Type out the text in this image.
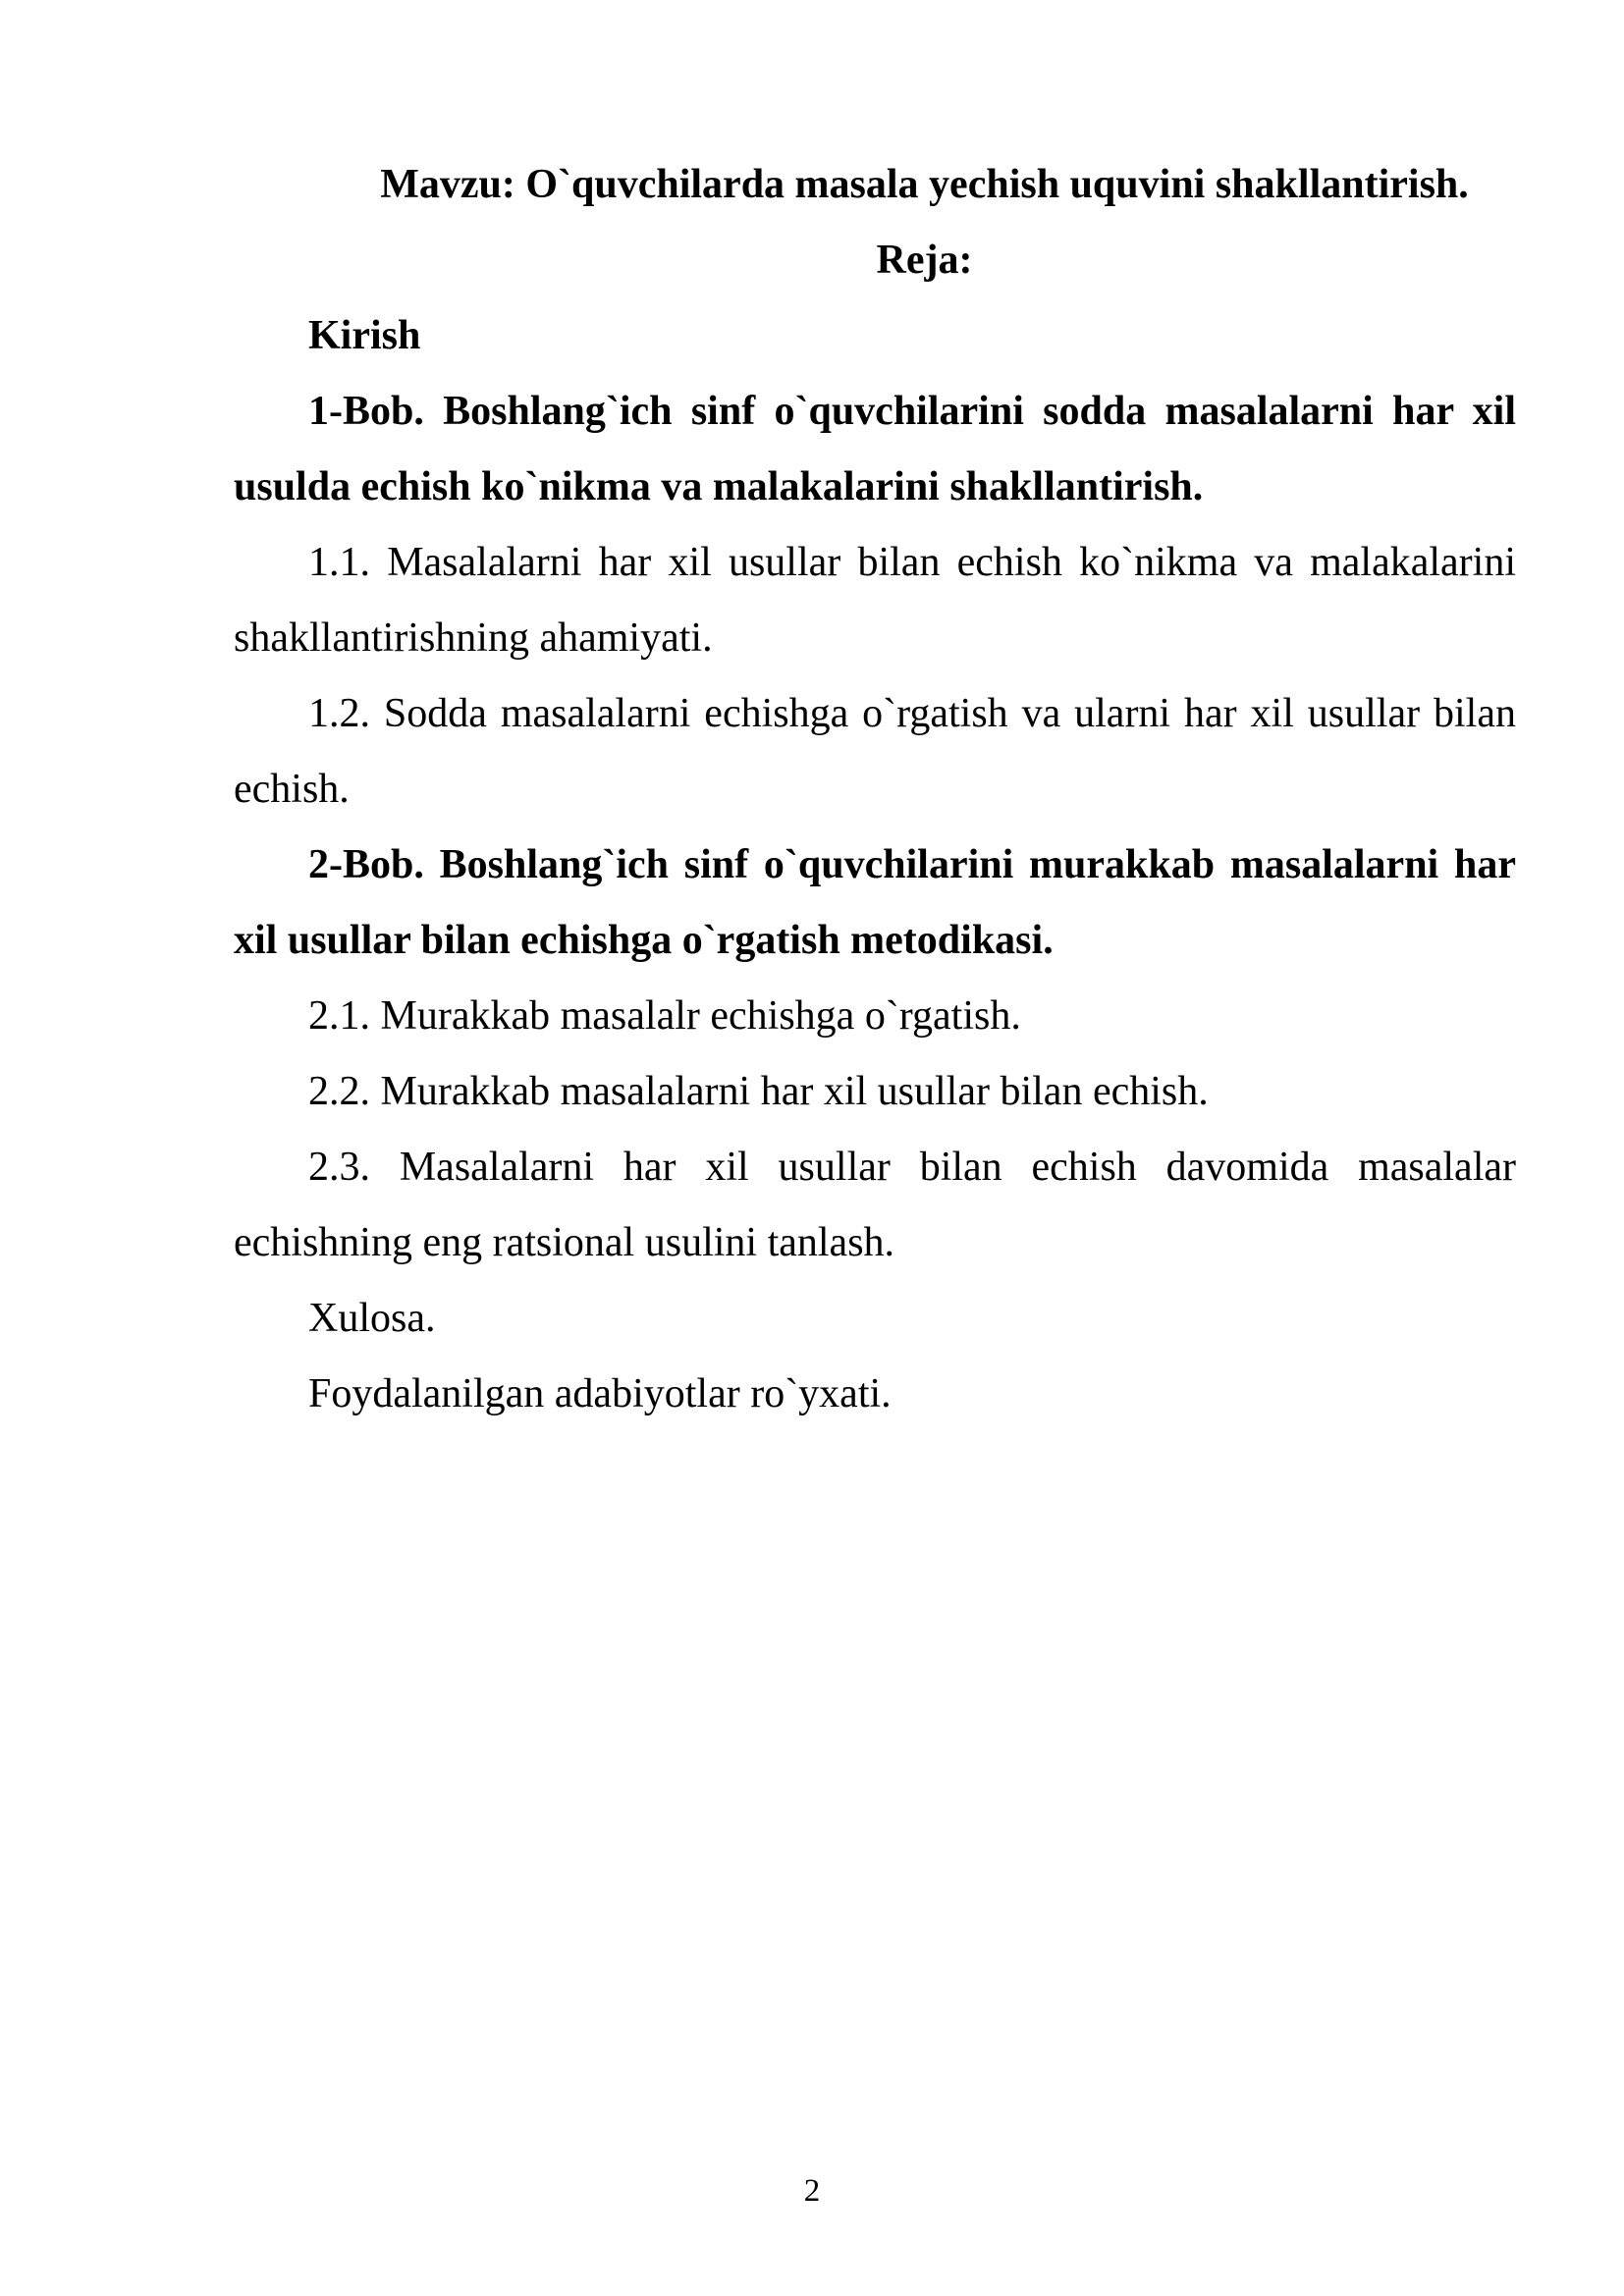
Mavzu: O`quvchilarda masala yechish uquvini shakllantirish.

Reja:

Kirish

1-Bob. Boshlang`ich sinf o`quvchilarini sodda masalalarni har xil usulda echish ko`nikma va malakalarini shakllantirish.

1.1. Masalalarni har xil usullar bilan echish ko`nikma va malakalarini shakllantirishning ahamiyati.

1.2. Sodda masalalarni echishga o`rgatish va ularni har xil usullar bilan echish.

2-Bob. Boshlang`ich sinf o`quvchilarini murakkab masalalarni har xil usullar bilan echishga o`rgatish metodikasi.

2.1. Murakkab masalalr echishga o`rgatish.

2.2. Murakkab masalalarni har xil usullar bilan echish.

2.3. Masalalarni har xil usullar bilan echish davomida masalalar echishning eng ratsional usulini tanlash.

Xulosa.

Foydalanilgan adabiyotlar ro`yxati.

2
